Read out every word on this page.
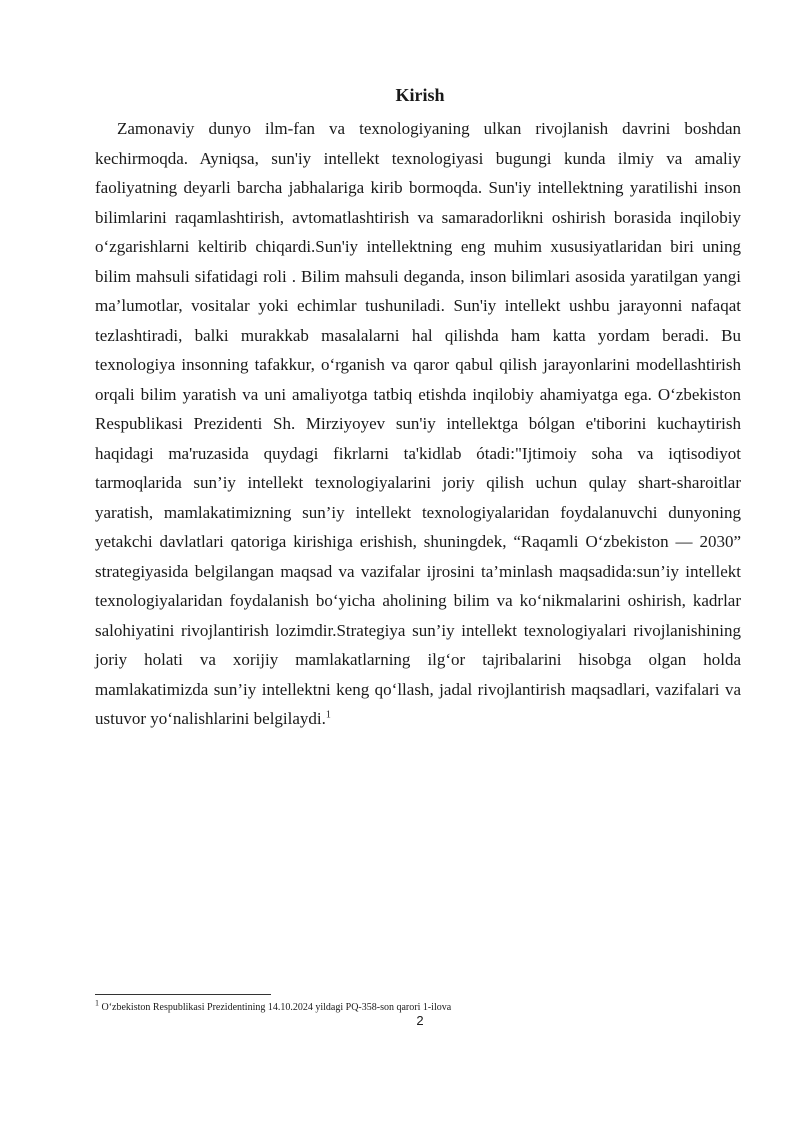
Kirish

Zamonaviy dunyo ilm-fan va texnologiyaning ulkan rivojlanish davrini boshdan kechirmoqda. Ayniqsa, sun'iy intellekt texnologiyasi bugungi kunda ilmiy va amaliy faoliyatning deyarli barcha jabhalariga kirib bormoqda. Sun'iy intellektning yaratilishi inson bilimlarini raqamlashtirish, avtomatlashtirish va samaradorlikni oshirish borasida inqilobiy o‘zgarishlarni keltirib chiqardi.Sun'iy intellektning eng muhim xususiyatlaridan biri uning bilim mahsuli sifatidagi roli . Bilim mahsuli deganda, inson bilimlari asosida yaratilgan yangi ma’lumotlar, vositalar yoki echimlar tushuniladi. Sun'iy intellekt ushbu jarayonni nafaqat tezlashtiradi, balki murakkab masalalarni hal qilishda ham katta yordam beradi. Bu texnologiya insonning tafakkur, o‘rganish va qaror qabul qilish jarayonlarini modellashtirish orqali bilim yaratish va uni amaliyotga tatbiq etishda inqilobiy ahamiyatga ega. O‘zbekiston Respublikasi Prezidenti Sh. Mirziyoyev sun'iy intellektga bólgan e'tiborini kuchaytirish haqidagi ma'ruzasida quydagi fikrlarni ta'kidlab ótadi:"Ijtimoiy soha va iqtisodiyot tarmoqlarida sun’iy intellekt texnologiyalarini joriy qilish uchun qulay shart-sharoitlar yaratish, mamlakatimizning sun’iy intellekt texnologiyalaridan foydalanuvchi dunyoning yetakchi davlatlari qatoriga kirishiga erishish, shuningdek, “Raqamli O‘zbekiston — 2030” strategiyasida belgilangan maqsad va vazifalar ijrosini ta’minlash maqsadida:sun’iy intellekt texnologiyalaridan foydalanish bo‘yicha aholining bilim va ko‘nikmalarini oshirish, kadrlar salohiyatini rivojlantirish lozimdir.Strategiya sun’iy intellekt texnologiyalari rivojlanishining joriy holati va xorijiy mamlakatlarning ilg‘or tajribalarini hisobga olgan holda mamlakatimizda sun’iy intellektni keng qo‘llash, jadal rivojlantirish maqsadlari, vazifalari va ustuvor yo‘nalishlarini belgilaydi.$^1$

$^1$ O‘zbekiston Respublikasi Prezidentining 14.10.2024 yildagi PQ-358-son qarori 1-ilova
2
